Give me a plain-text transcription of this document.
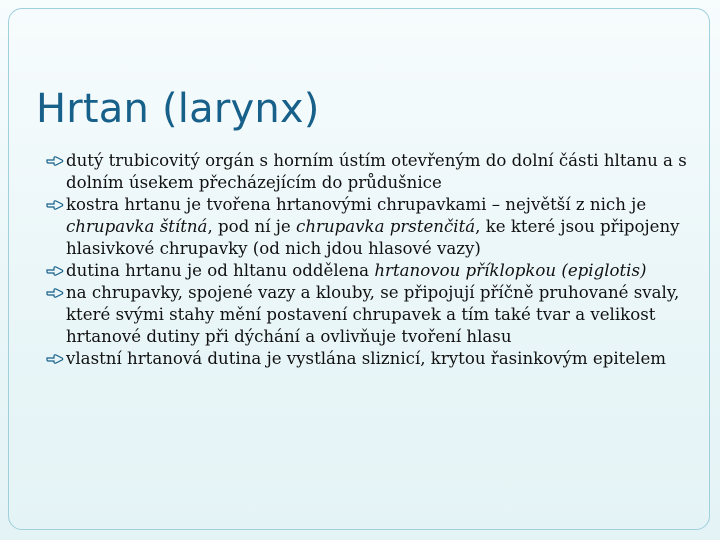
Hrtan (larynx)
dutý trubicovitý orgán s horním ústím otevřeným do dolní části hltanu a s dolním úsekem přecházejícím do průdušnice
kostra hrtanu je tvořena hrtanovými chrupavkami – největší z nich je chrupavka štítná, pod ní je chrupavka prstenčitá, ke které jsou připojeny hlasivkové chrupavky (od nich jdou hlasové vazy)
dutina hrtanu je od hltanu oddělena hrtanovou příklopkou (epiglotis)
na chrupavky, spojené vazy a klouby, se připojují příčně pruhované svaly, které svými stahy mění postavení chrupavek a tím také tvar a velikost hrtanové dutiny při dýchání a ovlivňuje tvoření hlasu
vlastní hrtanová dutina je vystlána sliznicí, krytou řasinkovým epitelem
